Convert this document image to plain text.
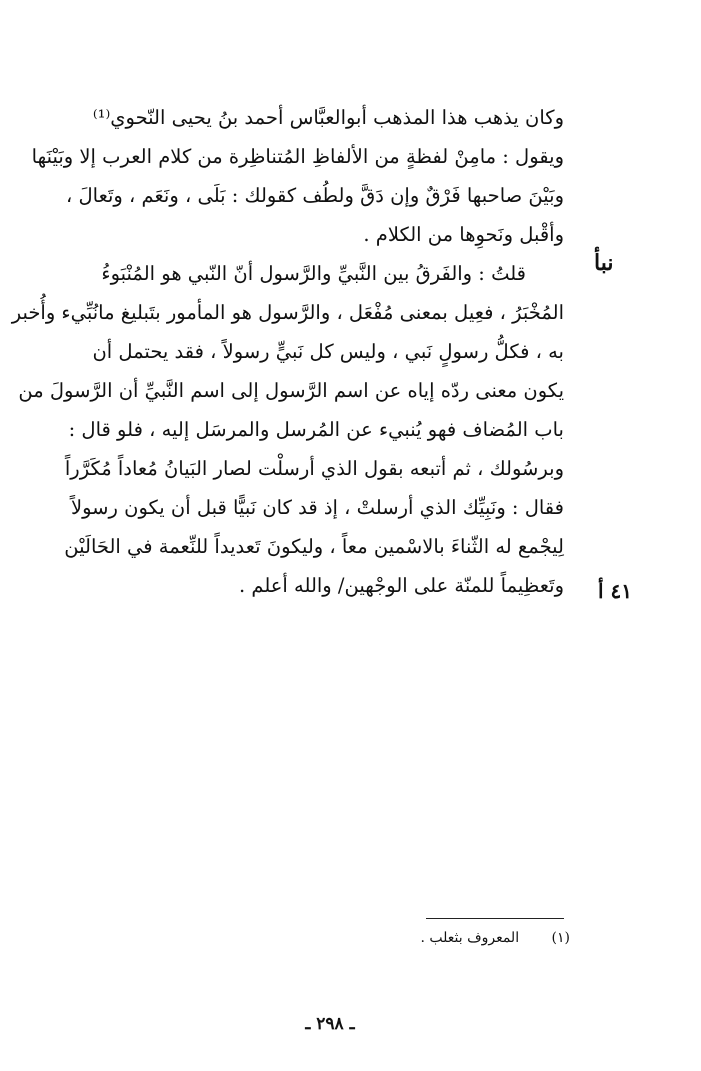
وكان يذهب هذا المذهب أبوالعبَّاس أحمد بنُ يحيى النّحوي⁽¹⁾
ويقول : مامِنْ لفظةٍ من الألفاظِ المُتناظِرة من كلام العرب إلا وبَيْنَها
وبَيْنَ صاحبها فَرْقٌ وإن دَقَّ ولطُف كقولك : بَلَى ، ونَعَم ، وتَعالَ ،
وأقْبل ونَحوِها من الكلام .
قلتُ : والفَرقُ بين النَّبيِّ والرَّسول أنّ النّبي هو المُنْبَوءُ
المُخْبَرُ ، فعِيل بمعنى مُفْعَل ، والرَّسول هو المأمور بتَبليغ مانُبِّيء وأُخبر
به ، فكلُّ رسولٍ نَبي ، وليس كل نَبيٍّ رسولاً ، فقد يحتمل أن
يكون معنى ردّه إياه عن اسم الرَّسول إلى اسم النَّبيِّ أن الرَّسولَ من
باب المُضاف فهو يُنبيء عن المُرسل والمرسَل إليه ، فلو قال :
وبرسُولك ، ثم أتبعه بقول الذي أرسلْت لصار البَيانُ مُعاداً مُكَرَّراً
فقال : ونَبِيِّك الذي أرسلتْ ، إذ قد كان نَبيًّا قبل أن يكون رسولاً
لِيجْمع له الثّناءَ بالاسْمين معاً ، وليكونَ تَعديداً للنِّعمة في الحَالَيْن
وتَعظِيماً للمنّة على الوجْهين/ والله أعلم .
نبأ
٤١ أ
(١) المعروف بثعلب .
ـ ٢٩٨ ـ
